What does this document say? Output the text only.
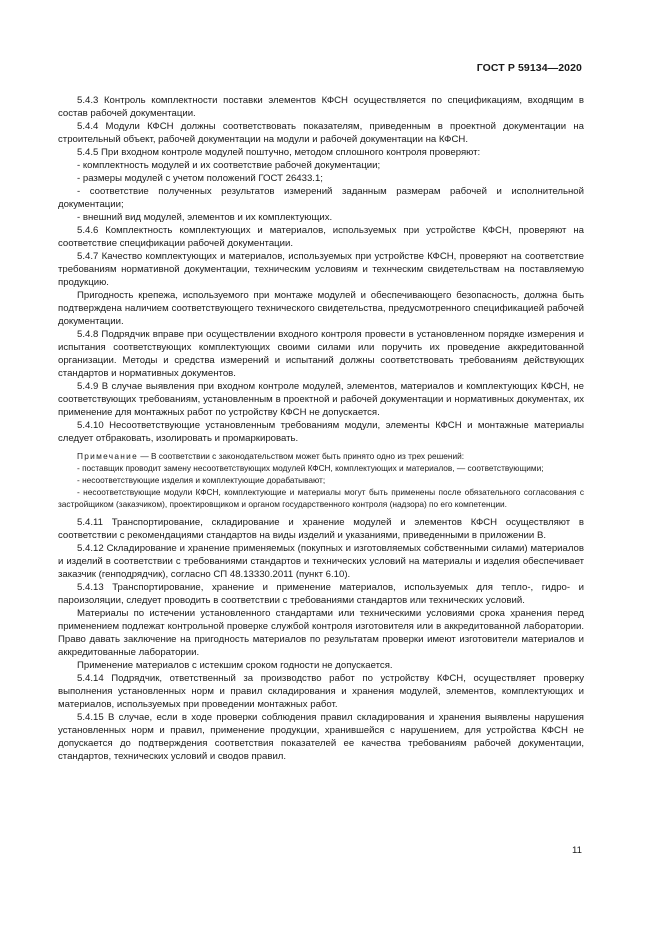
ГОСТ Р 59134—2020

5.4.3 Контроль комплектности поставки элементов КФСН осуществляется по спецификациям, входящим в состав рабочей документации.

5.4.4 Модули КФСН должны соответствовать показателям, приведенным в проектной документации на строительный объект, рабочей документации на модули и рабочей документации на КФСН.

5.4.5 При входном контроле модулей поштучно, методом сплошного контроля проверяют:

- комплектность модулей и их соответствие рабочей документации;

- размеры модулей с учетом положений ГОСТ 26433.1;

- соответствие полученных результатов измерений заданным размерам рабочей и исполнительной документации;

- внешний вид модулей, элементов и их комплектующих.

5.4.6 Комплектность комплектующих и материалов, используемых при устройстве КФСН, проверяют на соответствие спецификации рабочей документации.

5.4.7 Качество комплектующих и материалов, используемых при устройстве КФСН, проверяют на соответствие требованиям нормативной документации, техническим условиям и технческим свидетельствам на поставляемую продукцию.

Пригодность крепежа, используемого при монтаже модулей и обеспечивающего безопасность, должна быть подтверждена наличием соответствующего технического свидетельства, предусмотренного спецификацией рабочей документации.

5.4.8 Подрядчик вправе при осуществлении входного контроля провести в установленном порядке измерения и испытания соответствующих комплектующих своими силами или поручить их проведение аккредитованной организации. Методы и средства измерений и испытаний должны соответствовать требованиям действующих стандартов и нормативных документов.

5.4.9 В случае выявления при входном контроле модулей, элементов, материалов и комплектующих КФСН, не соответствующих требованиям, установленным в проектной и рабочей документации и нормативных документах, их применение для монтажных работ по устройству КФСН не допускается.

5.4.10 Несоответствующие установленным требованиям модули, элементы КФСН и монтажные материалы следует отбраковать, изолировать и промаркировать.

Примечание — В соответствии с законодательством может быть принято одно из трех решений:

- поставщик проводит замену несоответствующих модулей КФСН, комплектующих и материалов, — соответствующими;

- несоответствующие изделия и комплектующие дорабатывают;

- несоответствующие модули КФСН, комплектующие и материалы могут быть применены после обязательного согласования с застройщиком (заказчиком), проектировщиком и органом государственного контроля (надзора) по его компетенции.

5.4.11 Транспортирование, складирование и хранение модулей и элементов КФСН осуществляют в соответствии с рекомендациями стандартов на виды изделий и указаниями, приведенными в приложении В.

5.4.12 Складирование и хранение применяемых (покупных и изготовляемых собственными силами) материалов и изделий в соответствии с требованиями стандартов и технических условий на материалы и изделия обеспечивает заказчик (генподрядчик), согласно СП 48.13330.2011 (пункт 6.10).

5.4.13 Транспортирование, хранение и применение материалов, используемых для тепло-, гидро- и пароизоляции, следует проводить в соответствии с требованиями стандартов или технических условий.

Материалы по истечении установленного стандартами или техническими условиями срока хранения перед применением подлежат контрольной проверке службой контроля изготовителя или в аккредитованной лаборатории. Право давать заключение на пригодность материалов по результатам проверки имеют изготовители материалов и аккредитованные лаборатории.

Применение материалов с истекшим сроком годности не допускается.

5.4.14 Подрядчик, ответственный за производство работ по устройству КФСН, осуществляет проверку выполнения установленных норм и правил складирования и хранения модулей, элементов, комплектующих и материалов, используемых при проведении монтажных работ.

5.4.15 В случае, если в ходе проверки соблюдения правил складирования и хранения выявлены нарушения установленных норм и правил, применение продукции, хранившейся с нарушением, для устройства КФСН не допускается до подтверждения соответствия показателей ее качества требованиям рабочей документации, стандартов, технических условий и сводов правил.

11
